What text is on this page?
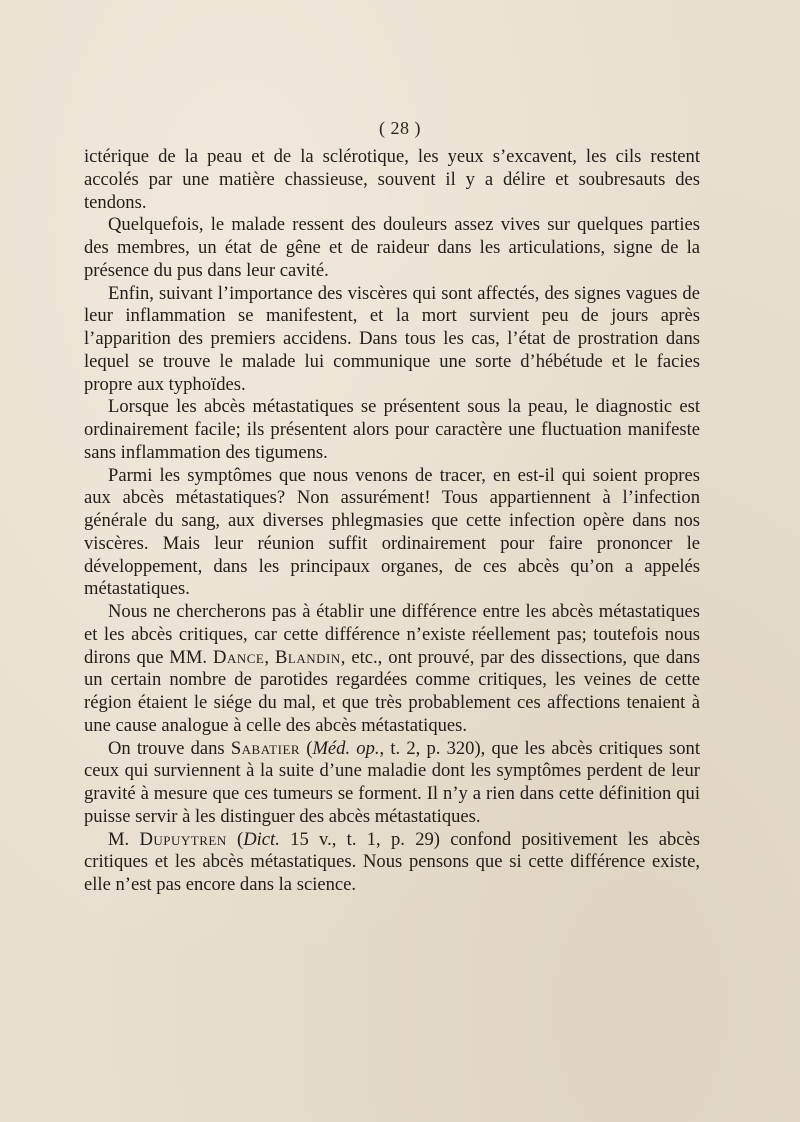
( 28 )

ictérique de la peau et de la sclérotique, les yeux s’excavent, les cils restent accolés par une matière chassieuse, souvent il y a délire et soubresauts des tendons.

Quelquefois, le malade ressent des douleurs assez vives sur quelques parties des membres, un état de gêne et de raideur dans les articulations, signe de la présence du pus dans leur cavité.

Enfin, suivant l’importance des viscères qui sont affectés, des signes vagues de leur inflammation se manifestent, et la mort survient peu de jours après l’apparition des premiers accidens. Dans tous les cas, l’état de prostration dans lequel se trouve le malade lui communique une sorte d’hébétude et le facies propre aux typhoïdes.

Lorsque les abcès métastatiques se présentent sous la peau, le diagnostic est ordinairement facile; ils présentent alors pour caractère une fluctuation manifeste sans inflammation des tigumens.

Parmi les symptômes que nous venons de tracer, en est-il qui soient propres aux abcès métastatiques? Non assurément! Tous appartiennent à l’infection générale du sang, aux diverses phlegmasies que cette infection opère dans nos viscères. Mais leur réunion suffit ordinairement pour faire prononcer le développement, dans les principaux organes, de ces abcès qu’on a appelés métastatiques.

Nous ne chercherons pas à établir une différence entre les abcès métastatiques et les abcès critiques, car cette différence n’existe réellement pas; toutefois nous dirons que MM. Dance, Blandin, etc., ont prouvé, par des dissections, que dans un certain nombre de parotides regardées comme critiques, les veines de cette région étaient le siége du mal, et que très probablement ces affections tenaient à une cause analogue à celle des abcès métastatiques.

On trouve dans Sabatier (Méd. op., t. 2, p. 320), que les abcès critiques sont ceux qui surviennent à la suite d’une maladie dont les symptômes perdent de leur gravité à mesure que ces tumeurs se forment. Il n’y a rien dans cette définition qui puisse servir à les distinguer des abcès métastatiques.

M. Dupuytren (Dict. 15 v., t. 1, p. 29) confond positivement les abcès critiques et les abcès métastatiques. Nous pensons que si cette différence existe, elle n’est pas encore dans la science.
